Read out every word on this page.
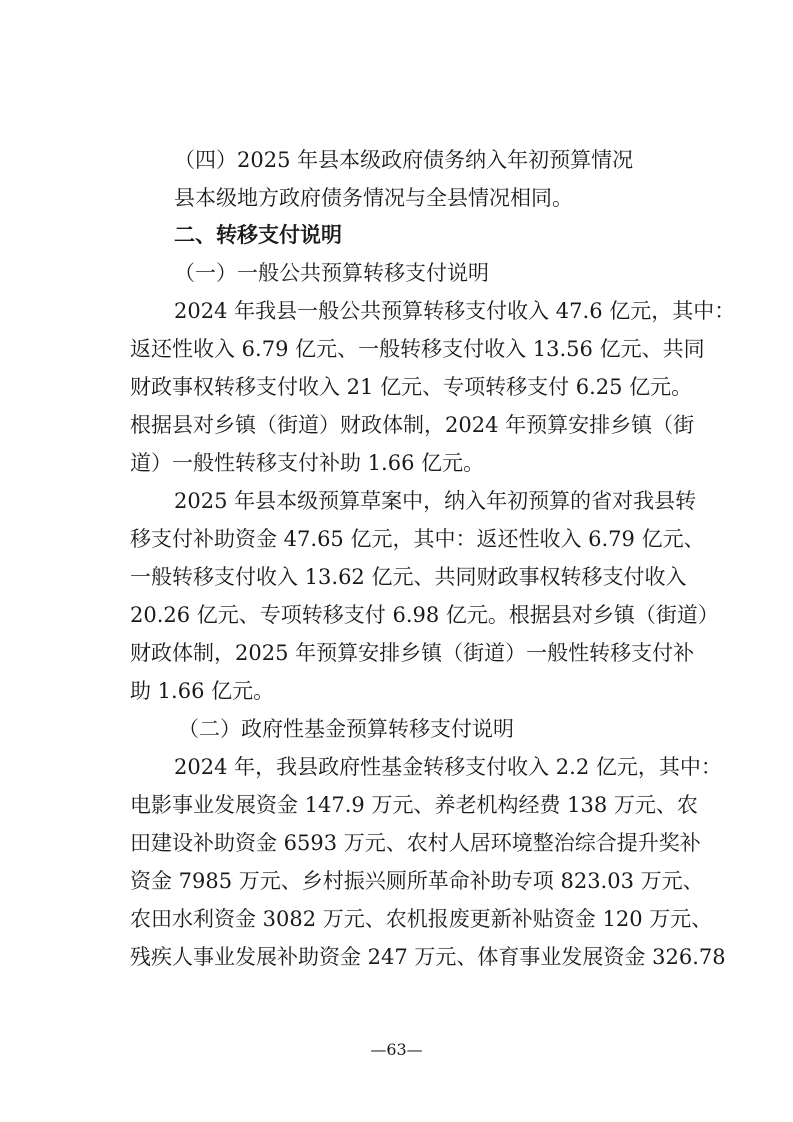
（四）2025 年县本级政府债务纳入年初预算情况

县本级地方政府债务情况与全县情况相同。

二、转移支付说明

（一）一般公共预算转移支付说明

2024 年我县一般公共预算转移支付收入 47.6 亿元，其中：

返还性收入 6.79 亿元、一般转移支付收入 13.56 亿元、共同

财政事权转移支付收入 21 亿元、专项转移支付 6.25 亿元。

根据县对乡镇（街道）财政体制，2024 年预算安排乡镇（街

道）一般性转移支付补助 1.66 亿元。

2025 年县本级预算草案中，纳入年初预算的省对我县转

移支付补助资金 47.65 亿元，其中：返还性收入 6.79 亿元、

一般转移支付收入 13.62 亿元、共同财政事权转移支付收入

20.26 亿元、专项转移支付 6.98 亿元。根据县对乡镇（街道）

财政体制，2025 年预算安排乡镇（街道）一般性转移支付补

助 1.66 亿元。

（二）政府性基金预算转移支付说明

2024 年，我县政府性基金转移支付收入 2.2 亿元，其中：

电影事业发展资金 147.9 万元、养老机构经费 138 万元、农

田建设补助资金 6593 万元、农村人居环境整治综合提升奖补

资金 7985 万元、乡村振兴厕所革命补助专项 823.03 万元、

农田水利资金 3082 万元、农机报废更新补贴资金 120 万元、

残疾人事业发展补助资金 247 万元、体育事业发展资金 326.78

—63—
